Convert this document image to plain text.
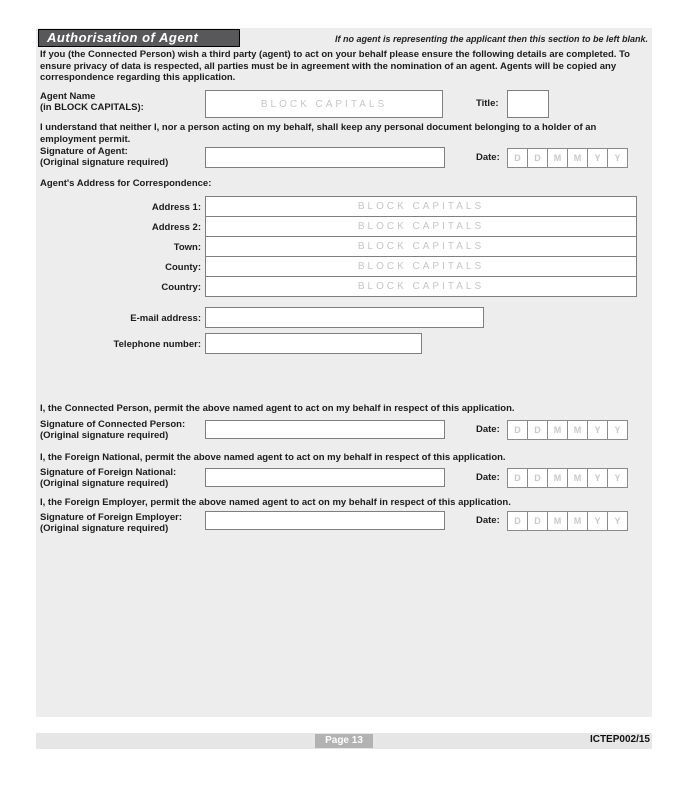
Authorisation of Agent	If no agent is representing the applicant then this section to be left blank.
If you (the Connected Person) wish a third party (agent) to act on your behalf please ensure the following details are completed. To ensure privacy of data is respected, all parties must be in agreement with the nomination of an agent. Agents will be copied any correspondence regarding this application.
Agent Name
(in BLOCK CAPITALS):
BLOCK CAPITALS	Title:
I understand that neither I, nor a person acting on my behalf, shall keep any personal document belonging to a holder of an employment permit.
Signature of Agent:
(Original signature required)	Date:	D	D	M	M	Y	Y
Agent's Address for Correspondence:
Address 1:
BLOCK CAPITALS
Address 2:
BLOCK CAPITALS
Town:
BLOCK CAPITALS
County:
BLOCK CAPITALS
Country:
BLOCK CAPITALS
E-mail address:
Telephone number:
I, the Connected Person, permit the above named agent to act on my behalf in respect of this application.
Signature of Connected Person:
(Original signature required)	Date:	D	D	M	M	Y	Y
I, the Foreign National, permit the above named agent to act on my behalf in respect of this application.
Signature of Foreign National:
(Original signature required)	Date:	D	D	M	M	Y	Y
I, the Foreign Employer, permit the above named agent to act on my behalf in respect of this application.
Signature of Foreign Employer:
(Original signature required)
Date:	D	D	M	M	Y	Y
Page 13	ICTEP002/15
